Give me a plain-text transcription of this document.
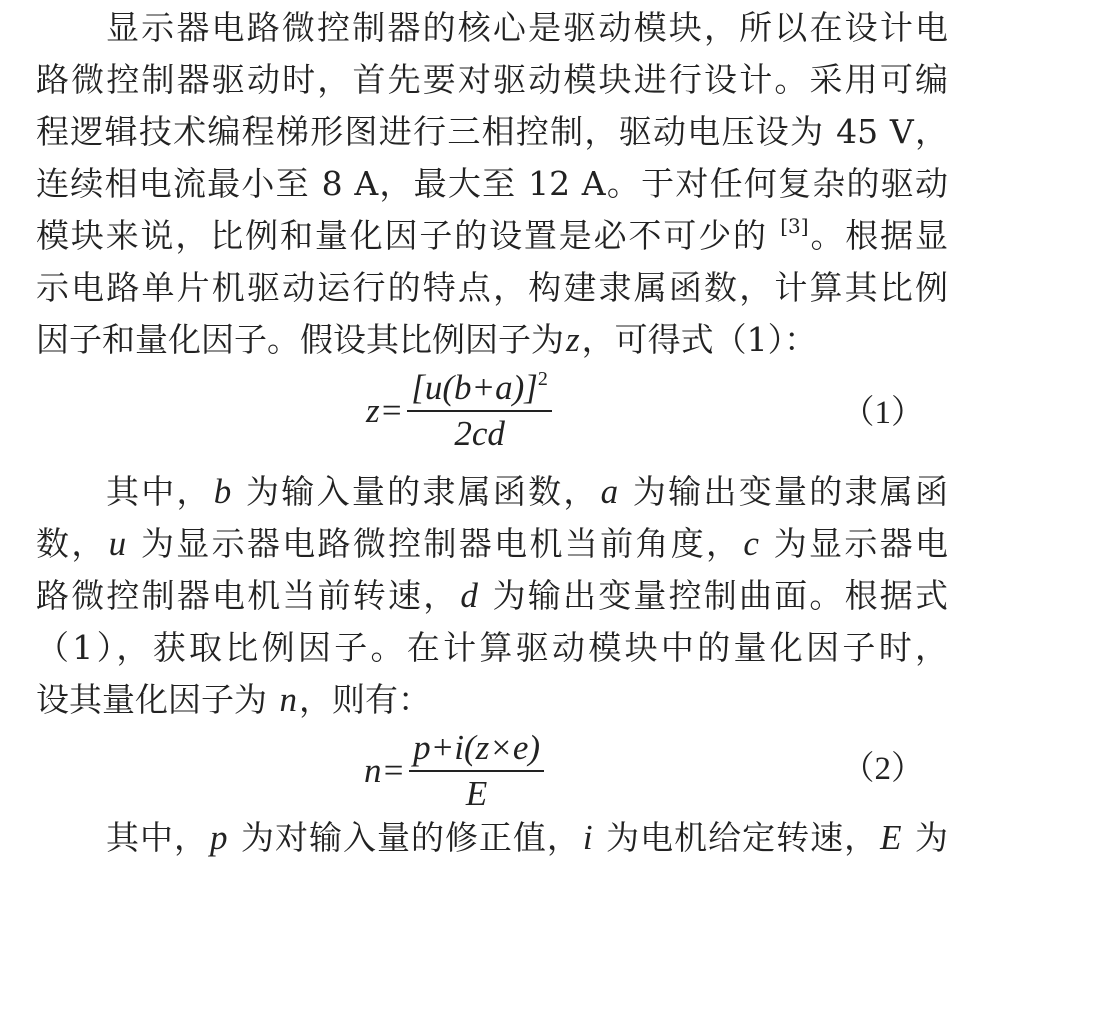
显示器电路微控制器的核心是驱动模块，所以在设计电
路微控制器驱动时，首先要对驱动模块进行设计。采用可编
程逻辑技术编程梯形图进行三相控制，驱动电压设为 45 V，
连续相电流最小至 8 A，最大至 12 A。于对任何复杂的驱动
模块来说，比例和量化因子的设置是必不可少的 [3]。根据显
示电路单片机驱动运行的特点，构建隶属函数，计算其比例
因子和量化因子。假设其比例因子为z，可得式（1）：
$z= \frac{[u(b+a)]^2}{2cd}$	（1）
其中，b 为输入量的隶属函数，a 为输出变量的隶属函
数，u 为显示器电路微控制器电机当前角度，c 为显示器电
路微控制器电机当前转速，d 为输出变量控制曲面。根据式
（1），获取比例因子。在计算驱动模块中的量化因子时，
设其量化因子为 n，则有：
$n= \frac{p+i(z\times e)}{E}$	（2）
其中，p 为对输入量的修正值，i 为电机给定转速，E 为
